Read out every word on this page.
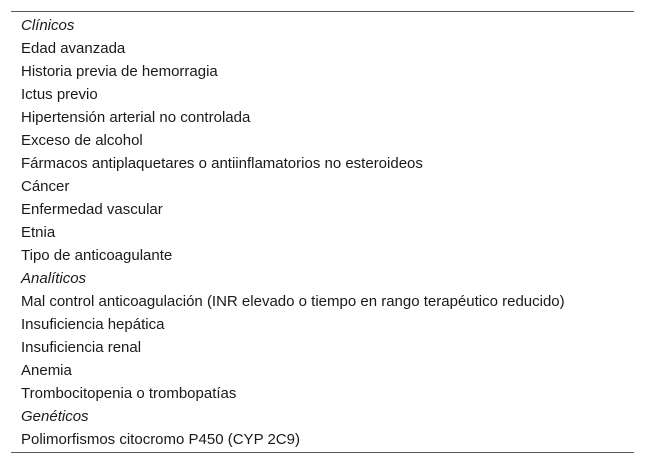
Clínicos
Edad avanzada
Historia previa de hemorragia
Ictus previo
Hipertensión arterial no controlada
Exceso de alcohol
Fármacos antiplaquetares o antiinflamatorios no esteroideos
Cáncer
Enfermedad vascular
Etnia
Tipo de anticoagulante
Analíticos
Mal control anticoagulación (INR elevado o tiempo en rango terapéutico reducido)
Insuficiencia hepática
Insuficiencia renal
Anemia
Trombocitopenia o trombopatías
Genéticos
Polimorfismos citocromo P450 (CYP 2C9)
